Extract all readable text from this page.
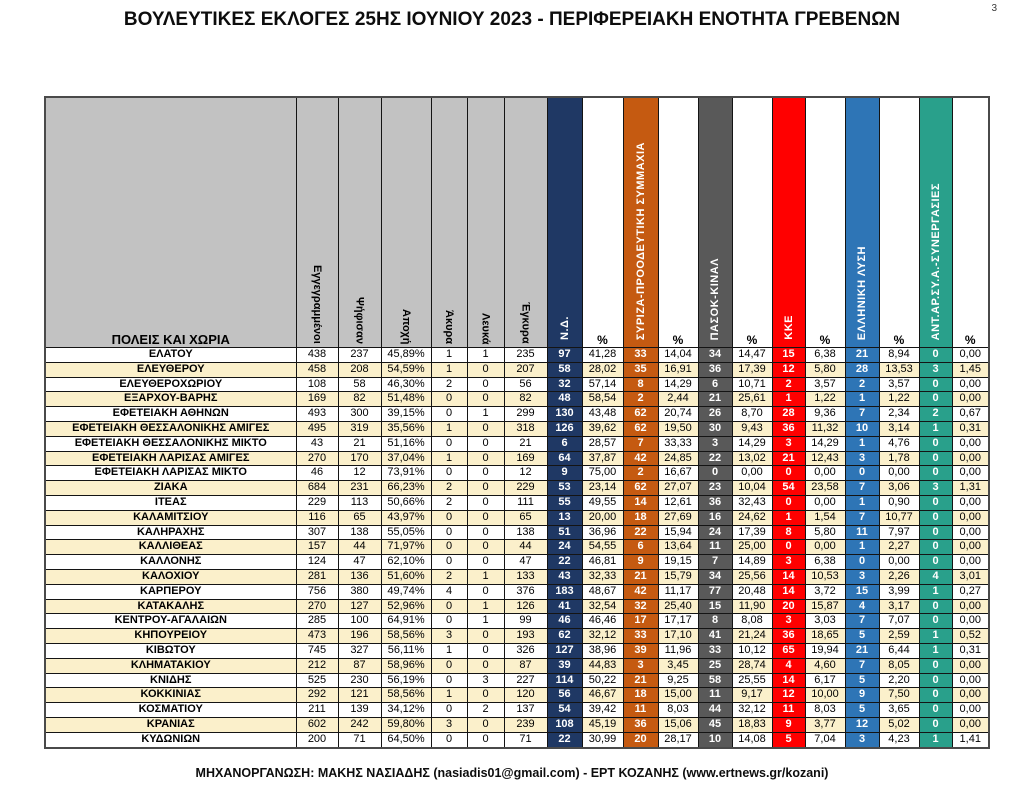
3
ΒΟΥΛΕΥΤΙΚΕΣ ΕΚΛΟΓΕΣ 25ΗΣ ΙΟΥΝΙΟΥ 2023 - ΠΕΡΙΦΕΡΕΙΑΚΗ ΕΝΟΤΗΤΑ ΓΡΕΒΕΝΩΝ
ΠΟΛΕΙΣ ΚΑΙ ΧΩΡΙΑ	Εγγεγραμμένοι	Ψήφισαν	Αποχή	Άκυρα	Λευκά	Έγκυρα	Ν.Δ.	%	ΣΥΡΙΖΑ-ΠΡΟΟΔΕΥΤΙΚΗ ΣΥΜΜΑΧΙΑ	%	ΠΑΣΟΚ-ΚΙΝΑΛ	%	ΚΚΕ	%	ΕΛΛΗΝΙΚΗ ΛΥΣΗ	%	ΑΝΤ.ΑΡ.ΣΥ.Α.-ΣΥΝΕΡΓΑΣΙΕΣ	%
ΕΛΑΤΟΥ	438	237	45,89%	1	1	235	97	41,28	33	14,04	34	14,47	15	6,38	21	8,94	0	0,00
ΕΛΕΥΘΕΡΟΥ	458	208	54,59%	1	0	207	58	28,02	35	16,91	36	17,39	12	5,80	28	13,53	3	1,45
ΕΛΕΥΘΕΡΟΧΩΡΙΟΥ	108	58	46,30%	2	0	56	32	57,14	8	14,29	6	10,71	2	3,57	2	3,57	0	0,00
ΕΞΑΡΧΟΥ-ΒΑΡΗΣ	169	82	51,48%	0	0	82	48	58,54	2	2,44	21	25,61	1	1,22	1	1,22	0	0,00
ΕΦΕΤΕΙΑΚΗ ΑΘΗΝΩΝ	493	300	39,15%	0	1	299	130	43,48	62	20,74	26	8,70	28	9,36	7	2,34	2	0,67
ΕΦΕΤΕΙΑΚΗ ΘΕΣΣΑΛΟΝΙΚΗΣ ΑΜΙΓΕΣ	495	319	35,56%	1	0	318	126	39,62	62	19,50	30	9,43	36	11,32	10	3,14	1	0,31
ΕΦΕΤΕΙΑΚΗ ΘΕΣΣΑΛΟΝΙΚΗΣ ΜΙΚΤΟ	43	21	51,16%	0	0	21	6	28,57	7	33,33	3	14,29	3	14,29	1	4,76	0	0,00
ΕΦΕΤΕΙΑΚΗ ΛΑΡΙΣΑΣ ΑΜΙΓΕΣ	270	170	37,04%	1	0	169	64	37,87	42	24,85	22	13,02	21	12,43	3	1,78	0	0,00
ΕΦΕΤΕΙΑΚΗ ΛΑΡΙΣΑΣ ΜΙΚΤΟ	46	12	73,91%	0	0	12	9	75,00	2	16,67	0	0,00	0	0,00	0	0,00	0	0,00
ΖΙΑΚΑ	684	231	66,23%	2	0	229	53	23,14	62	27,07	23	10,04	54	23,58	7	3,06	3	1,31
ΙΤΕΑΣ	229	113	50,66%	2	0	111	55	49,55	14	12,61	36	32,43	0	0,00	1	0,90	0	0,00
ΚΑΛΑΜΙΤΣΙΟΥ	116	65	43,97%	0	0	65	13	20,00	18	27,69	16	24,62	1	1,54	7	10,77	0	0,00
ΚΑΛΗΡΑΧΗΣ	307	138	55,05%	0	0	138	51	36,96	22	15,94	24	17,39	8	5,80	11	7,97	0	0,00
ΚΑΛΛΙΘΕΑΣ	157	44	71,97%	0	0	44	24	54,55	6	13,64	11	25,00	0	0,00	1	2,27	0	0,00
ΚΑΛΛΟΝΗΣ	124	47	62,10%	0	0	47	22	46,81	9	19,15	7	14,89	3	6,38	0	0,00	0	0,00
ΚΑΛΟΧΙΟΥ	281	136	51,60%	2	1	133	43	32,33	21	15,79	34	25,56	14	10,53	3	2,26	4	3,01
ΚΑΡΠΕΡΟΥ	756	380	49,74%	4	0	376	183	48,67	42	11,17	77	20,48	14	3,72	15	3,99	1	0,27
ΚΑΤΑΚΑΛΗΣ	270	127	52,96%	0	1	126	41	32,54	32	25,40	15	11,90	20	15,87	4	3,17	0	0,00
ΚΕΝΤΡΟΥ-ΑΓΑΛΑΙΩΝ	285	100	64,91%	0	1	99	46	46,46	17	17,17	8	8,08	3	3,03	7	7,07	0	0,00
ΚΗΠΟΥΡΕΙΟΥ	473	196	58,56%	3	0	193	62	32,12	33	17,10	41	21,24	36	18,65	5	2,59	1	0,52
ΚΙΒΩΤΟΥ	745	327	56,11%	1	0	326	127	38,96	39	11,96	33	10,12	65	19,94	21	6,44	1	0,31
ΚΛΗΜΑΤΑΚΙΟΥ	212	87	58,96%	0	0	87	39	44,83	3	3,45	25	28,74	4	4,60	7	8,05	0	0,00
ΚΝΙΔΗΣ	525	230	56,19%	0	3	227	114	50,22	21	9,25	58	25,55	14	6,17	5	2,20	0	0,00
ΚΟΚΚΙΝΙΑΣ	292	121	58,56%	1	0	120	56	46,67	18	15,00	11	9,17	12	10,00	9	7,50	0	0,00
ΚΟΣΜΑΤΙΟΥ	211	139	34,12%	0	2	137	54	39,42	11	8,03	44	32,12	11	8,03	5	3,65	0	0,00
ΚΡΑΝΙΑΣ	602	242	59,80%	3	0	239	108	45,19	36	15,06	45	18,83	9	3,77	12	5,02	0	0,00
ΚΥΔΩΝΙΩΝ	200	71	64,50%	0	0	71	22	30,99	20	28,17	10	14,08	5	7,04	3	4,23	1	1,41
ΜΗΧΑΝΟΡΓΑΝΩΣΗ: ΜΑΚΗΣ ΝΑΣΙΑΔΗΣ (nasiadis01@gmail.com) - ΕΡΤ ΚΟΖΑΝΗΣ (www.ertnews.gr/kozani)
